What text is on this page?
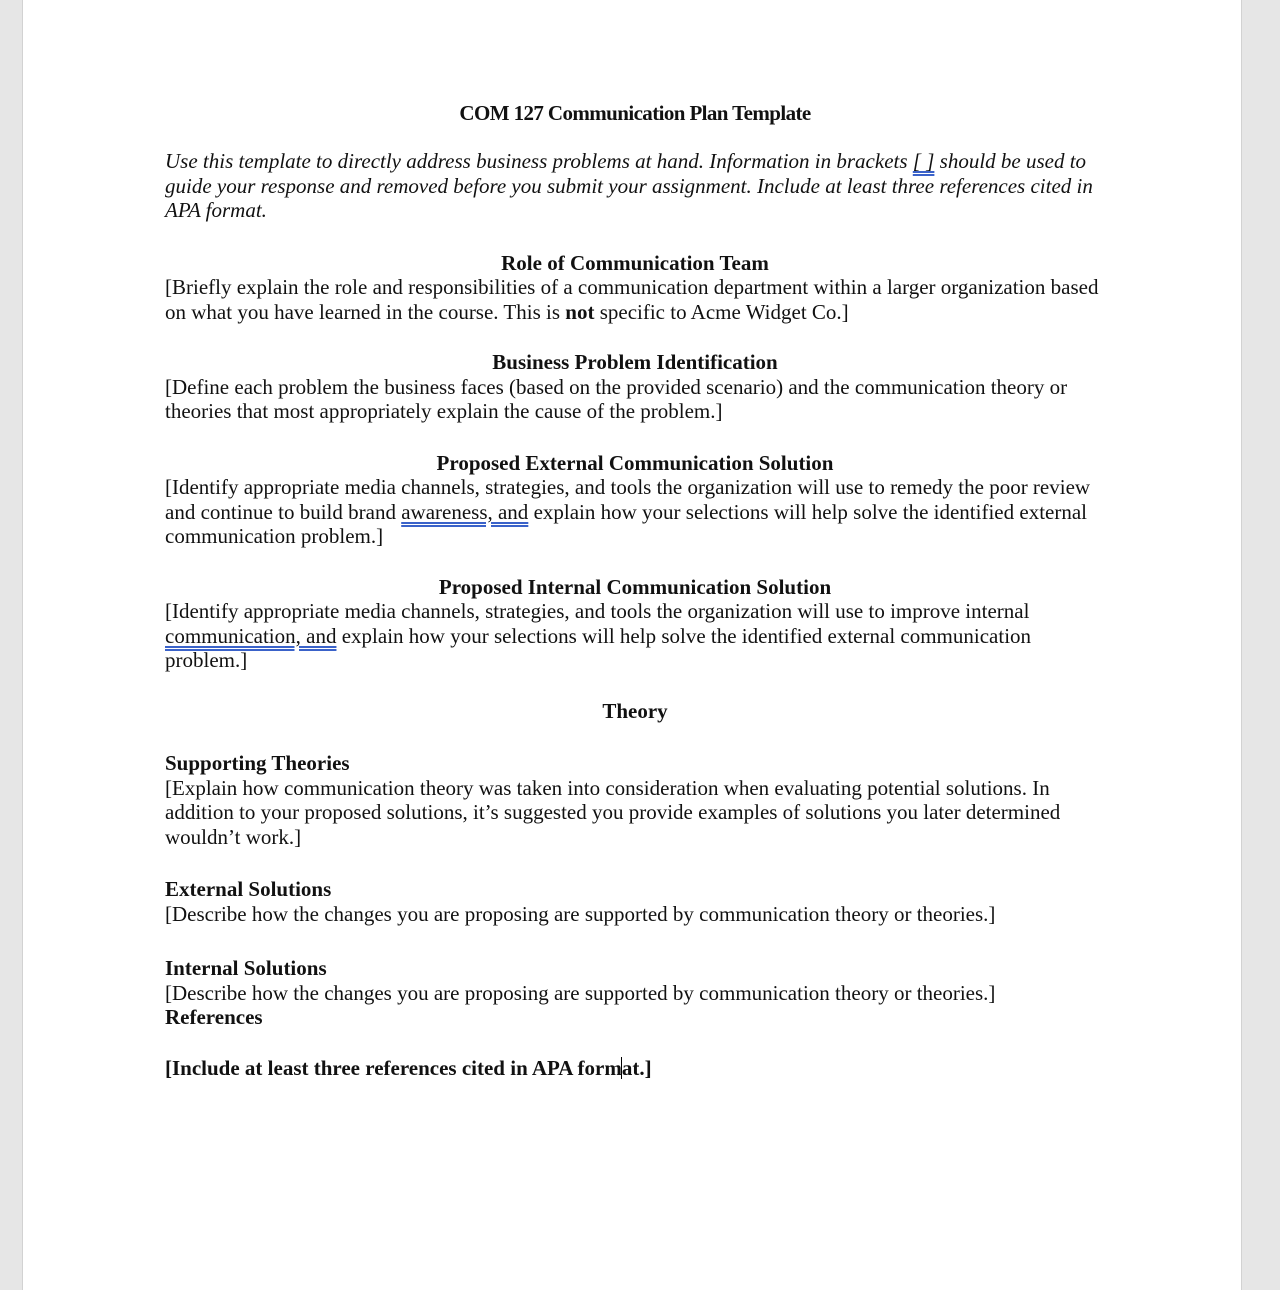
COM 127 Communication Plan Template

Use this template to directly address business problems at hand. Information in brackets [ ] should be used to guide your response and removed before you submit your assignment. Include at least three references cited in APA format.

Role of Communication Team

[Briefly explain the role and responsibilities of a communication department within a larger organization based on what you have learned in the course. This is not specific to Acme Widget Co.]

Business Problem Identification

[Define each problem the business faces (based on the provided scenario) and the communication theory or theories that most appropriately explain the cause of the problem.]

Proposed External Communication Solution

[Identify appropriate media channels, strategies, and tools the organization will use to remedy the poor review and continue to build brand awareness, and explain how your selections will help solve the identified external communication problem.]

Proposed Internal Communication Solution

[Identify appropriate media channels, strategies, and tools the organization will use to improve internal communication, and explain how your selections will help solve the identified external communication problem.]

Theory

Supporting Theories

[Explain how communication theory was taken into consideration when evaluating potential solutions. In addition to your proposed solutions, it’s suggested you provide examples of solutions you later determined wouldn’t work.]

External Solutions

[Describe how the changes you are proposing are supported by communication theory or theories.]

Internal Solutions

[Describe how the changes you are proposing are supported by communication theory or theories.]

References

[Include at least three references cited in APA format.]
